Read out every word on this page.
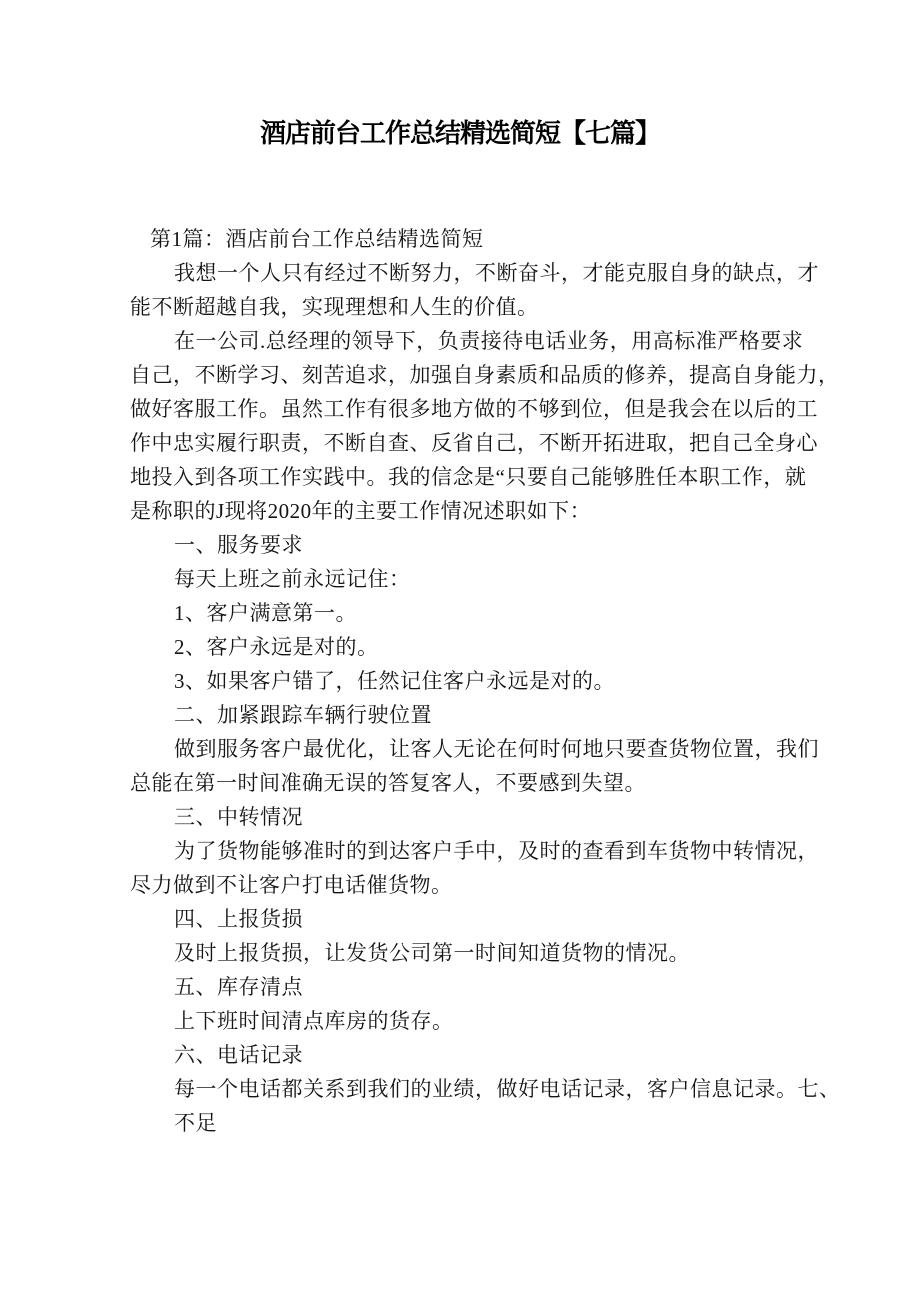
酒店前台工作总结精选简短【七篇】
第1篇：酒店前台工作总结精选简短
我想一个人只有经过不断努力，不断奋斗，才能克服自身的缺点，才
能不断超越自我，实现理想和人生的价值。
在一公司.总经理的领导下，负责接待电话业务，用高标准严格要求
自己，不断学习、刻苦追求，加强自身素质和品质的修养，提高自身能力，
做好客服工作。虽然工作有很多地方做的不够到位，但是我会在以后的工
作中忠实履行职责，不断自查、反省自己，不断开拓进取，把自己全身心
地投入到各项工作实践中。我的信念是“只要自己能够胜任本职工作，就
是称职的J现将2020年的主要工作情况述职如下：
一、服务要求
每天上班之前永远记住：
1、客户满意第一。
2、客户永远是对的。
3、如果客户错了，任然记住客户永远是对的。
二、加紧跟踪车辆行驶位置
做到服务客户最优化，让客人无论在何时何地只要查货物位置，我们
总能在第一时间准确无误的答复客人，不要感到失望。
三、中转情况
为了货物能够准时的到达客户手中，及时的查看到车货物中转情况，
尽力做到不让客户打电话催货物。
四、上报货损
及时上报货损，让发货公司第一时间知道货物的情况。
五、库存清点
上下班时间清点库房的货存。
六、电话记录
每一个电话都关系到我们的业绩，做好电话记录，客户信息记录。七、
不足
